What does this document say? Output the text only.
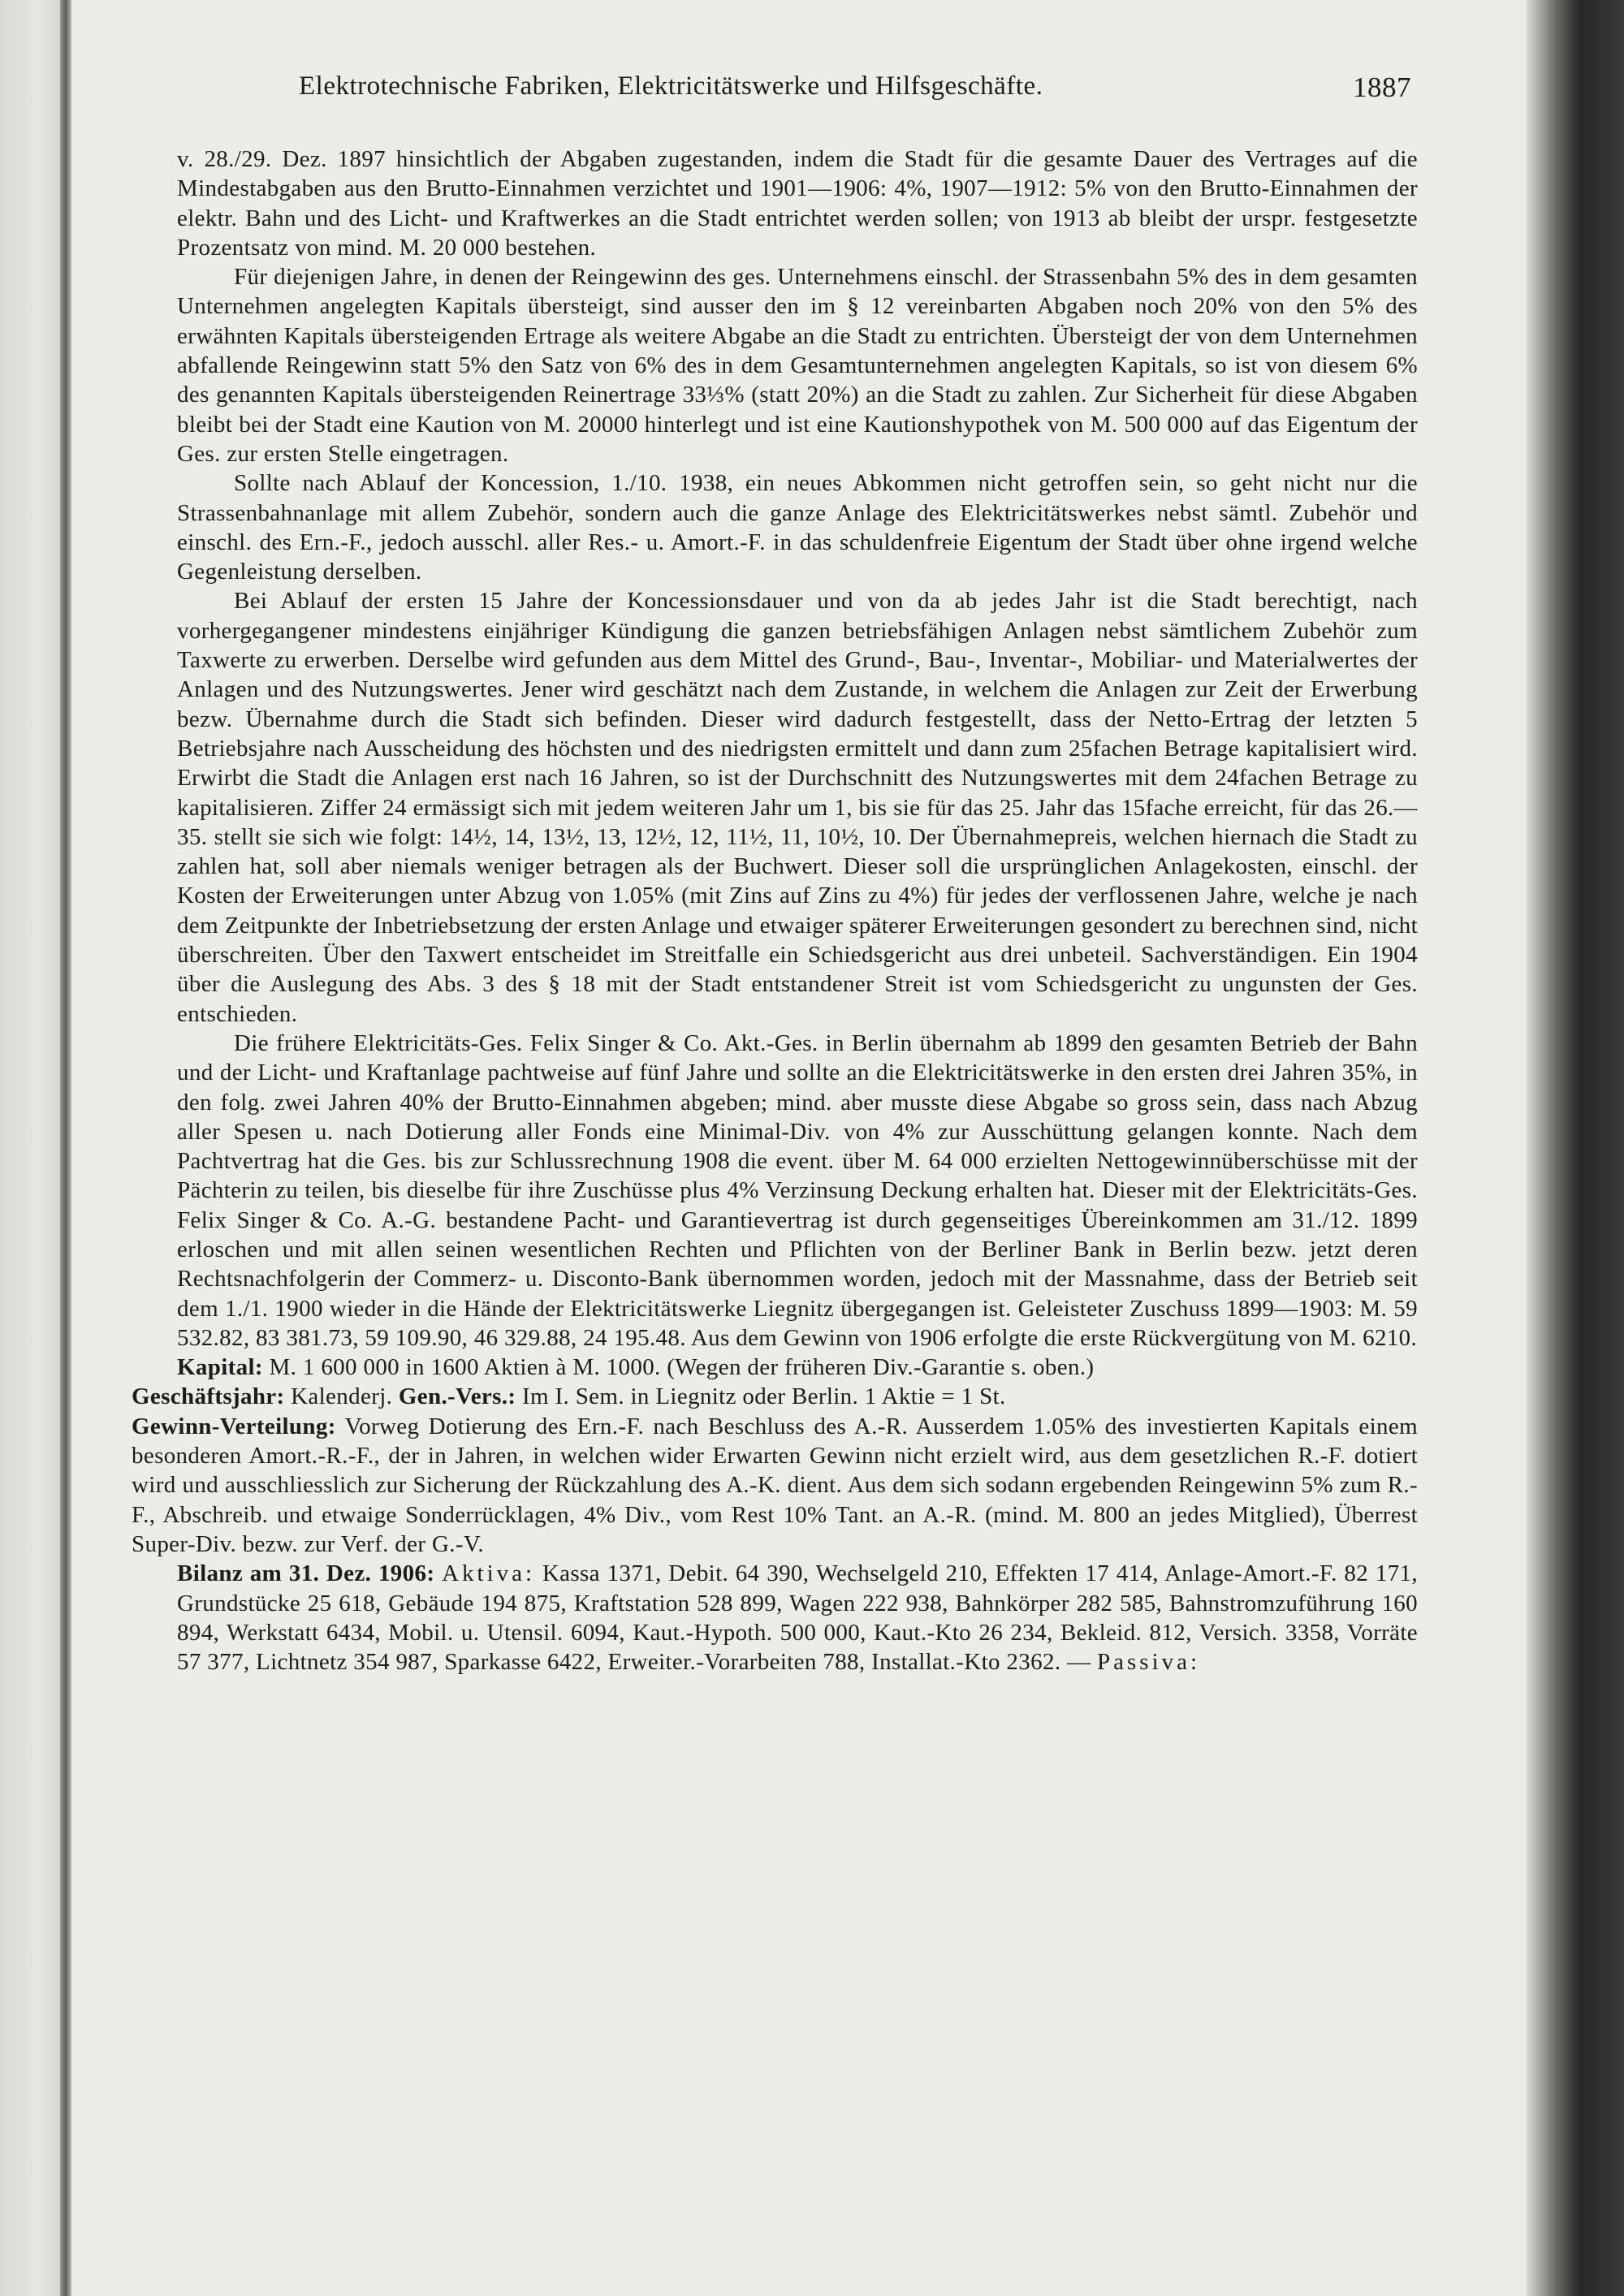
Elektrotechnische Fabriken, Elektricitätswerke und Hilfsgeschäfte.	1887

v. 28./29. Dez. 1897 hinsichtlich der Abgaben zugestanden, indem die Stadt für die gesamte Dauer des Vertrages auf die Mindestabgaben aus den Brutto-Einnahmen verzichtet und 1901—1906: 4%, 1907—1912: 5% von den Brutto-Einnahmen der elektr. Bahn und des Licht- und Kraftwerkes an die Stadt entrichtet werden sollen; von 1913 ab bleibt der urspr. festgesetzte Prozentsatz von mind. M. 20 000 bestehen.

Für diejenigen Jahre, in denen der Reingewinn des ges. Unternehmens einschl. der Strassenbahn 5% des in dem gesamten Unternehmen angelegten Kapitals übersteigt, sind ausser den im § 12 vereinbarten Abgaben noch 20% von den 5% des erwähnten Kapitals übersteigenden Ertrage als weitere Abgabe an die Stadt zu entrichten. Übersteigt der von dem Unternehmen abfallende Reingewinn statt 5% den Satz von 6% des in dem Gesamtunternehmen angelegten Kapitals, so ist von diesem 6% des genannten Kapitals übersteigenden Reinertrage 33⅓% (statt 20%) an die Stadt zu zahlen. Zur Sicherheit für diese Abgaben bleibt bei der Stadt eine Kaution von M. 20000 hinterlegt und ist eine Kautionshypothek von M. 500 000 auf das Eigentum der Ges. zur ersten Stelle eingetragen.

Sollte nach Ablauf der Koncession, 1./10. 1938, ein neues Abkommen nicht getroffen sein, so geht nicht nur die Strassenbahnanlage mit allem Zubehör, sondern auch die ganze Anlage des Elektricitätswerkes nebst sämtl. Zubehör und einschl. des Ern.-F., jedoch ausschl. aller Res.- u. Amort.-F. in das schuldenfreie Eigentum der Stadt über ohne irgend welche Gegenleistung derselben.

Bei Ablauf der ersten 15 Jahre der Koncessionsdauer und von da ab jedes Jahr ist die Stadt berechtigt, nach vorhergegangener mindestens einjähriger Kündigung die ganzen betriebsfähigen Anlagen nebst sämtlichem Zubehör zum Taxwerte zu erwerben. Derselbe wird gefunden aus dem Mittel des Grund-, Bau-, Inventar-, Mobiliar- und Materialwertes der Anlagen und des Nutzungswertes. Jener wird geschätzt nach dem Zustande, in welchem die Anlagen zur Zeit der Erwerbung bezw. Übernahme durch die Stadt sich befinden. Dieser wird dadurch festgestellt, dass der Netto-Ertrag der letzten 5 Betriebsjahre nach Ausscheidung des höchsten und des niedrigsten ermittelt und dann zum 25fachen Betrage kapitalisiert wird. Erwirbt die Stadt die Anlagen erst nach 16 Jahren, so ist der Durchschnitt des Nutzungswertes mit dem 24fachen Betrage zu kapitalisieren. Ziffer 24 ermässigt sich mit jedem weiteren Jahr um 1, bis sie für das 25. Jahr das 15fache erreicht, für das 26.—35. stellt sie sich wie folgt: 14½, 14, 13½, 13, 12½, 12, 11½, 11, 10½, 10. Der Übernahmepreis, welchen hiernach die Stadt zu zahlen hat, soll aber niemals weniger betragen als der Buchwert. Dieser soll die ursprünglichen Anlagekosten, einschl. der Kosten der Erweiterungen unter Abzug von 1.05% (mit Zins auf Zins zu 4%) für jedes der verflossenen Jahre, welche je nach dem Zeitpunkte der Inbetriebsetzung der ersten Anlage und etwaiger späterer Erweiterungen gesondert zu berechnen sind, nicht überschreiten. Über den Taxwert entscheidet im Streitfalle ein Schiedsgericht aus drei unbeteil. Sachverständigen. Ein 1904 über die Auslegung des Abs. 3 des § 18 mit der Stadt entstandener Streit ist vom Schiedsgericht zu ungunsten der Ges. entschieden.

Die frühere Elektricitäts-Ges. Felix Singer & Co. Akt.-Ges. in Berlin übernahm ab 1899 den gesamten Betrieb der Bahn und der Licht- und Kraftanlage pachtweise auf fünf Jahre und sollte an die Elektricitätswerke in den ersten drei Jahren 35%, in den folg. zwei Jahren 40% der Brutto-Einnahmen abgeben; mind. aber musste diese Abgabe so gross sein, dass nach Abzug aller Spesen u. nach Dotierung aller Fonds eine Minimal-Div. von 4% zur Ausschüttung gelangen konnte. Nach dem Pachtvertrag hat die Ges. bis zur Schlussrechnung 1908 die event. über M. 64 000 erzielten Nettogewinnüberschüsse mit der Pächterin zu teilen, bis dieselbe für ihre Zuschüsse plus 4% Verzinsung Deckung erhalten hat. Dieser mit der Elektricitäts-Ges. Felix Singer & Co. A.-G. bestandene Pacht- und Garantievertrag ist durch gegenseitiges Übereinkommen am 31./12. 1899 erloschen und mit allen seinen wesentlichen Rechten und Pflichten von der Berliner Bank in Berlin bezw. jetzt deren Rechtsnachfolgerin der Commerz- u. Disconto-Bank übernommen worden, jedoch mit der Massnahme, dass der Betrieb seit dem 1./1. 1900 wieder in die Hände der Elektricitätswerke Liegnitz übergegangen ist. Geleisteter Zuschuss 1899—1903: M. 59 532.82, 83 381.73, 59 109.90, 46 329.88, 24 195.48. Aus dem Gewinn von 1906 erfolgte die erste Rückvergütung von M. 6210.

Kapital: M. 1 600 000 in 1600 Aktien à M. 1000. (Wegen der früheren Div.-Garantie s. oben.)

Geschäftsjahr: Kalenderj. Gen.-Vers.: Im I. Sem. in Liegnitz oder Berlin. 1 Aktie = 1 St.

Gewinn-Verteilung: Vorweg Dotierung des Ern.-F. nach Beschluss des A.-R. Ausserdem 1.05% des investierten Kapitals einem besonderen Amort.-R.-F., der in Jahren, in welchen wider Erwarten Gewinn nicht erzielt wird, aus dem gesetzlichen R.-F. dotiert wird und ausschliesslich zur Sicherung der Rückzahlung des A.-K. dient. Aus dem sich sodann ergebenden Reingewinn 5% zum R.-F., Abschreib. und etwaige Sonderrücklagen, 4% Div., vom Rest 10% Tant. an A.-R. (mind. M. 800 an jedes Mitglied), Überrest Super-Div. bezw. zur Verf. der G.-V.

Bilanz am 31. Dez. 1906: Aktiva: Kassa 1371, Debit. 64 390, Wechselgeld 210, Effekten 17 414, Anlage-Amort.-F. 82 171, Grundstücke 25 618, Gebäude 194 875, Kraftstation 528 899, Wagen 222 938, Bahnkörper 282 585, Bahnstromzuführung 160 894, Werkstatt 6434, Mobil. u. Utensil. 6094, Kaut.-Hypoth. 500 000, Kaut.-Kto 26 234, Bekleid. 812, Versich. 3358, Vorräte 57 377, Lichtnetz 354 987, Sparkasse 6422, Erweiter.-Vorarbeiten 788, Installat.-Kto 2362. — Passiva:
